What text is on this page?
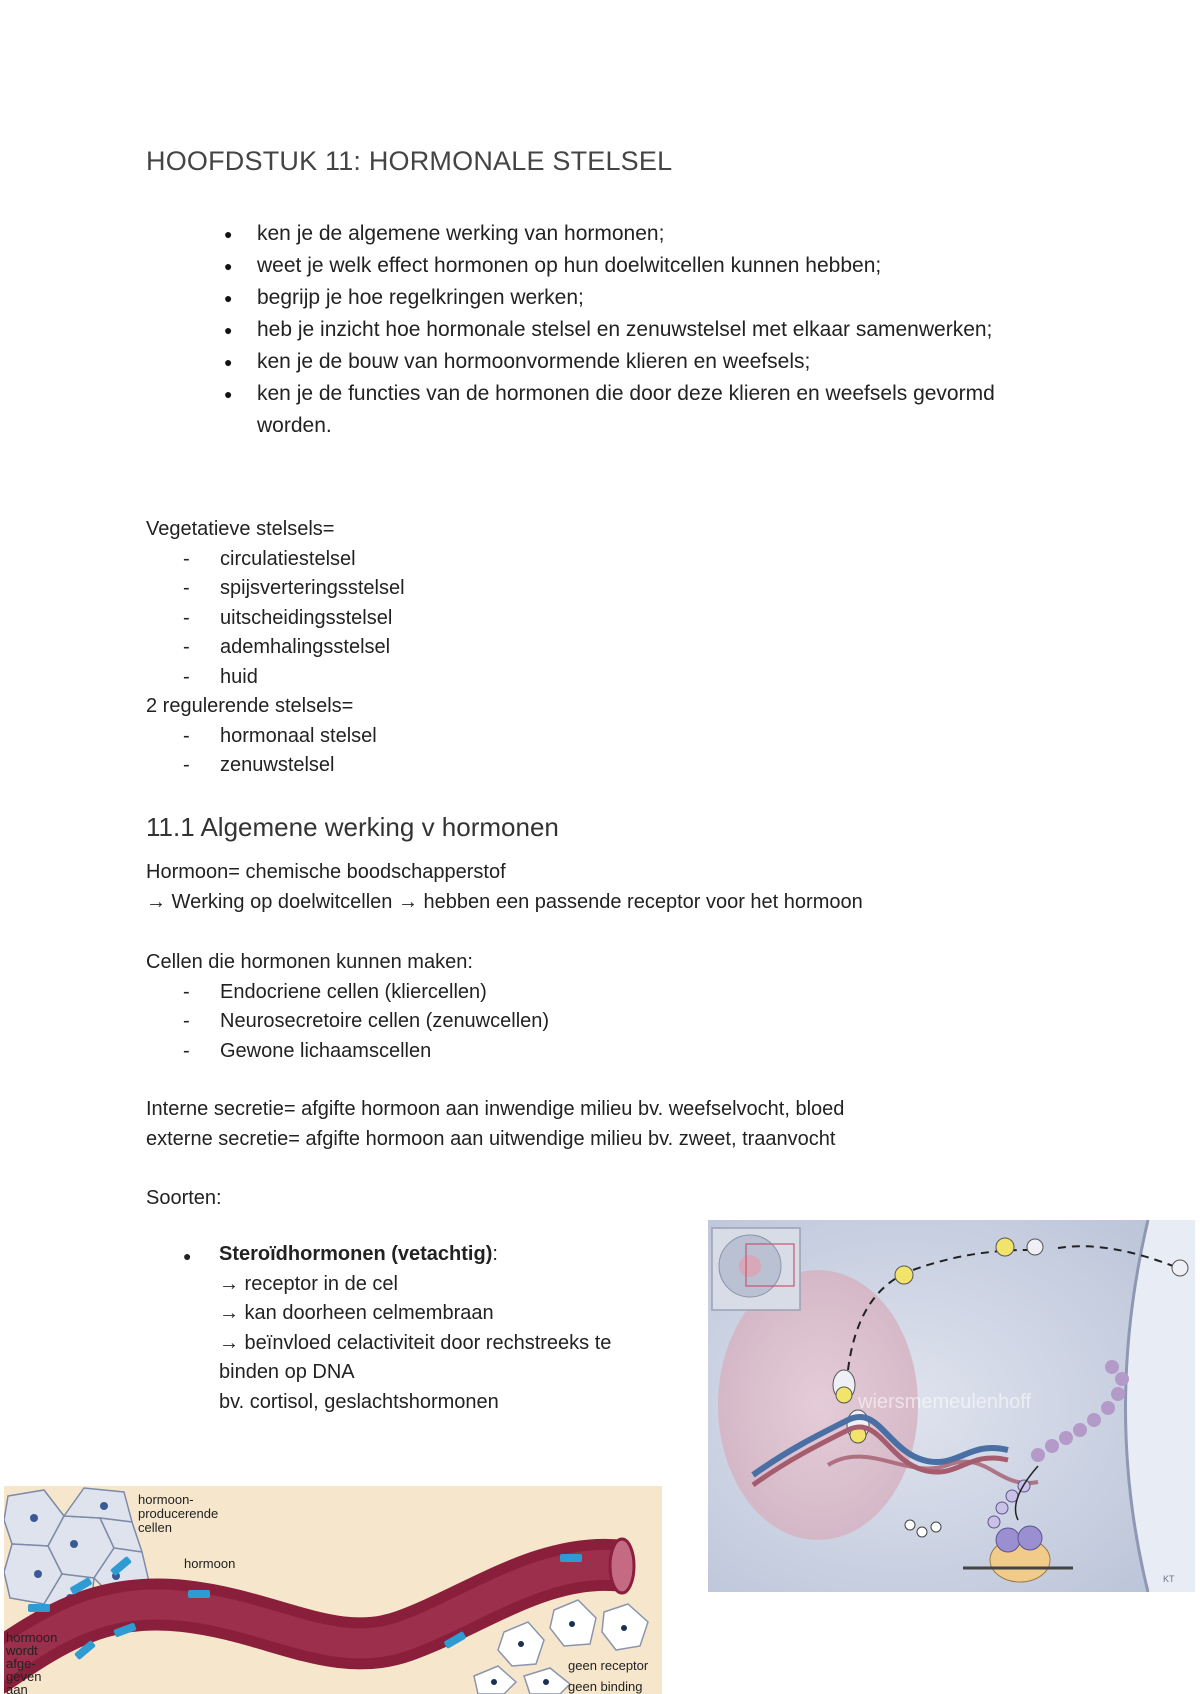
HOOFDSTUK 11: HORMONALE STELSEL
● ken je de algemene werking van hormonen;
● weet je welk effect hormonen op hun doelwitcellen kunnen hebben;
● begrijp je hoe regelkringen werken;
● heb je inzicht hoe hormonale stelsel en zenuwstelsel met elkaar samenwerken;
● ken je de bouw van hormoonvormende klieren en weefsels;
● ken je de functies van de hormonen die door deze klieren en weefsels gevormd worden.
Vegetatieve stelsels=
- circulatiestelsel
- spijsverteringsstelsel
- uitscheidingsstelsel
- ademhalingsstelsel
- huid
2 regulerende stelsels=
- hormonaal stelsel
- zenuwstelsel
11.1 Algemene werking v hormonen
Hormoon= chemische boodschapperstof
→ Werking op doelwitcellen → hebben een passende receptor voor het hormoon
Cellen die hormonen kunnen maken:
- Endocriene cellen (kliercellen)
- Neurosecretoire cellen (zenuwcellen)
- Gewone lichaamscellen
Interne secretie= afgifte hormoon aan inwendige milieu bv. weefselvocht, bloed
externe secretie= afgifte hormoon aan uitwendige milieu bv. zweet, traanvocht
Soorten:
● Steroïdhormonen (vetachtig):
→ receptor in de cel
→ kan doorheen celmembraan
→ beïnvloed celactiviteit door rechstreeks te binden op DNA
bv. cortisol, geslachtshormonen	wiersmemeulenhoff
KT
hormoon-producerende cellen
hormoon
hormoon wordt afge-geven aan
geen receptor
geen binding
